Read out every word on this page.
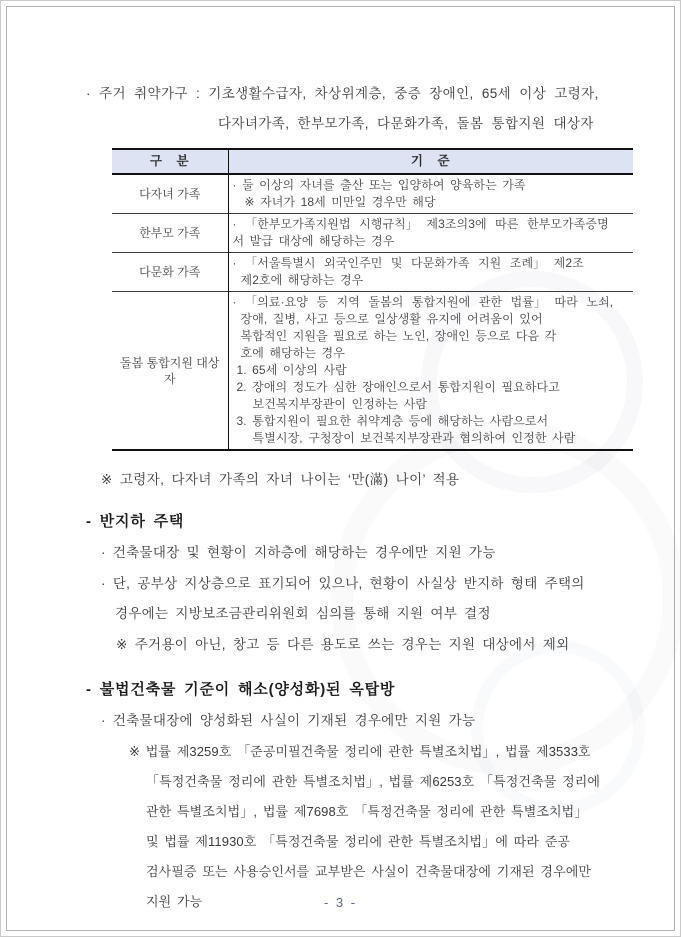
· 주거 취약가구 : 기초생활수급자, 차상위계층, 중증 장애인, 65세 이상 고령자,
다자녀가족, 한부모가족, 다문화가족, 돌봄 통합지원 대상자
구　분	기　준
다자녀 가족	· 둘 이상의 자녀를 출산 또는 입양하여 양육하는 가족
※ 자녀가 18세 미만일 경우만 해당

한부모 가족	· 「한부모가족지원법 시행규칙」 제3조의3에 따른 한부모가족증명
서 발급 대상에 해당하는 경우

다문화 가족	· 「서울특별시 외국인주민 및 다문화가족 지원 조례」 제2조
제2호에 해당하는 경우

돌봄 통합지원 대상자	
· 「의료·요양 등 지역 돌봄의 통합지원에 관한 법률」 따라 노쇠,
장애, 질병, 사고 등으로 일상생활 유지에 어려움이 있어
복합적인 지원을 필요로 하는 노인, 장애인 등으로 다음 각
호에 해당하는 경우
1. 65세 이상의 사람
2. 장애의 정도가 심한 장애인으로서 통합지원이 필요하다고
보건복지부장관이 인정하는 사람
3. 통합지원이 필요한 취약계층 등에 해당하는 사람으로서
특별시장, 구청장이 보건복지부장관과 협의하여 인정한 사람
※ 고령자, 다자녀 가족의 자녀 나이는 ‘만(滿) 나이’ 적용
- 반지하 주택
· 건축물대장 및 현황이 지하층에 해당하는 경우에만 지원 가능
· 단, 공부상 지상층으로 표기되어 있으나, 현황이 사실상 반지하 형태 주택의
경우에는 지방보조금관리위원회 심의를 통해 지원 여부 결정
※ 주거용이 아닌, 창고 등 다른 용도로 쓰는 경우는 지원 대상에서 제외
- 불법건축물 기준이 해소(양성화)된 옥탑방
· 건축물대장에 양성화된 사실이 기재된 경우에만 지원 가능
※ 법률 제3259호 「준공미필건축물 정리에 관한 특별조치법」, 법률 제3533호
「특정건축물 정리에 관한 특별조치법」, 법률 제6253호 「특정건축물 정리에
관한 특별조치법」, 법률 제7698호 「특정건축물 정리에 관한 특별조치법」
및 법률 제11930호 「특정건축물 정리에 관한 특별조치법」에 따라 준공
검사필증 또는 사용승인서를 교부받은 사실이 건축물대장에 기재된 경우에만
지원 가능	- 3 -
